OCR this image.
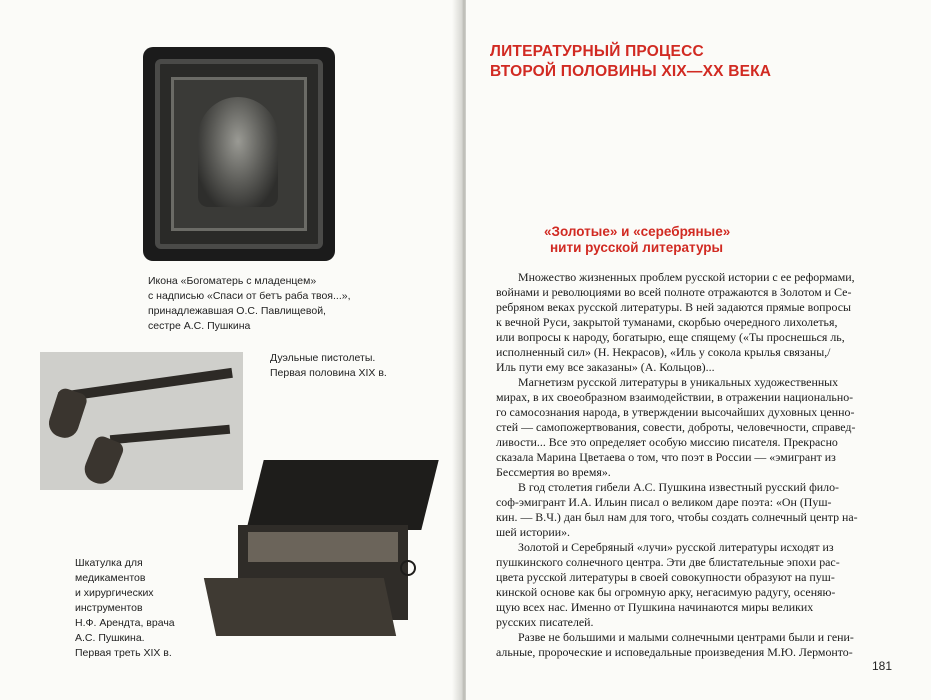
Икона «Богоматерь с младенцем»
с надписью «Спаси от бетъ раба твоя...»,
принадлежавшая О.С. Павлищевой,
сестре А.С. Пушкина
Дуэльные пистолеты.
Первая половина XIX в.
Шкатулка для
медикаментов
и хирургических
инструментов
Н.Ф. Арендта, врача
А.С. Пушкина.
Первая треть XIX в.
ЛИТЕРАТУРНЫЙ ПРОЦЕСС
ВТОРОЙ ПОЛОВИНЫ XIX—XX ВЕКА
«Золотые» и «серебряные»
нити русской литературы
Множество жизненных проблем русской истории с ее реформами,
войнами и революциями во всей полноте отражаются в Золотом и Се-
ребряном веках русской литературы. В ней задаются прямые вопросы
к вечной Руси, закрытой туманами, скорбью очередного лихолетья,
или вопросы к народу, богатырю, еще спящему («Ты проснешься ль,
исполненный сил» (Н. Некрасов), «Иль у сокола крылья связаны,/
Иль пути ему все заказаны» (А. Кольцов)...
Магнетизм русской литературы в уникальных художественных
мирах, в их своеобразном взаимодействии, в отражении национально-
го самосознания народа, в утверждении высочайших духовных ценно-
стей — самопожертвования, совести, доброты, человечности, справед-
ливости... Все это определяет особую миссию писателя. Прекрасно
сказала Марина Цветаева о том, что поэт в России — «эмигрант из
Бессмертия во время».
В год столетия гибели А.С. Пушкина известный русский фило-
соф-эмигрант И.А. Ильин писал о великом даре поэта: «Он (Пуш-
кин. — В.Ч.) дан был нам для того, чтобы создать солнечный центр на-
шей истории».
Золотой и Серебряный «лучи» русской литературы исходят из
пушкинского солнечного центра. Эти две блистательные эпохи рас-
цвета русской литературы в своей совокупности образуют на пуш-
кинской основе как бы огромную арку, негасимую радугу, осеняю-
щую всех нас. Именно от Пушкина начинаются миры великих
русских писателей.
Разве не большими и малыми солнечными центрами были и гени-
альные, пророческие и исповедальные произведения М.Ю. Лермонто-
181
